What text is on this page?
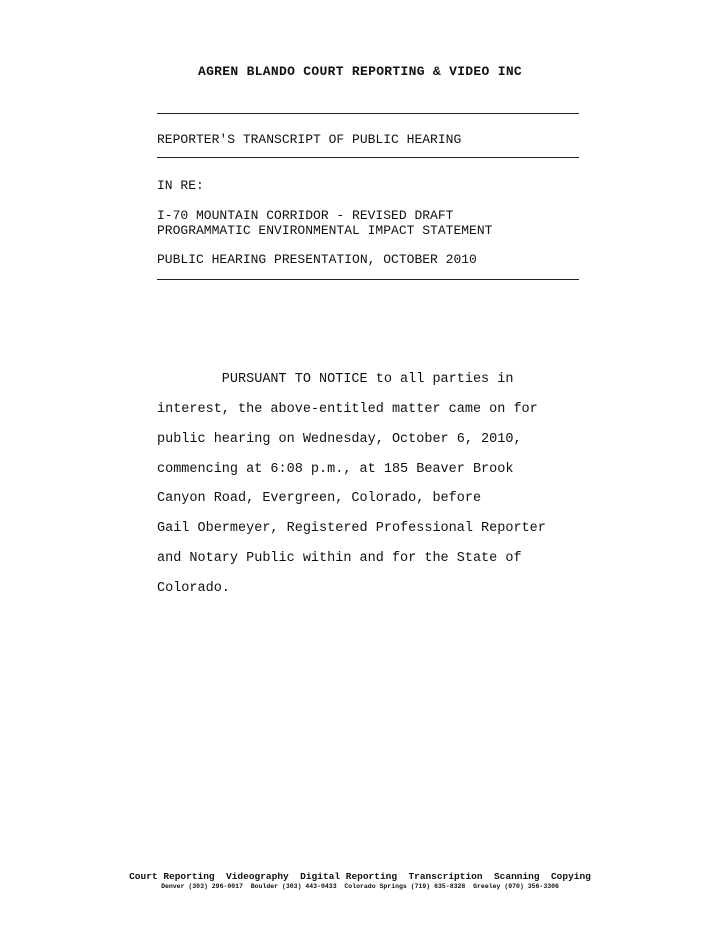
AGREN BLANDO COURT REPORTING & VIDEO INC
REPORTER'S TRANSCRIPT OF PUBLIC HEARING
IN RE:
I-70 MOUNTAIN CORRIDOR - REVISED DRAFT
PROGRAMMATIC ENVIRONMENTAL IMPACT STATEMENT
PUBLIC HEARING PRESENTATION, OCTOBER 2010
PURSUANT TO NOTICE to all parties in
interest, the above-entitled matter came on for
public hearing on Wednesday, October 6, 2010,
commencing at 6:08 p.m., at 185 Beaver Brook
Canyon Road, Evergreen, Colorado, before
Gail Obermeyer, Registered Professional Reporter
and Notary Public within and for the State of
Colorado.
Court Reporting  Videography  Digital Reporting  Transcription  Scanning  Copying
Denver (303) 296-0017  Boulder (303) 443-0433  Colorado Springs (719) 635-8328  Greeley (970) 356-3306
